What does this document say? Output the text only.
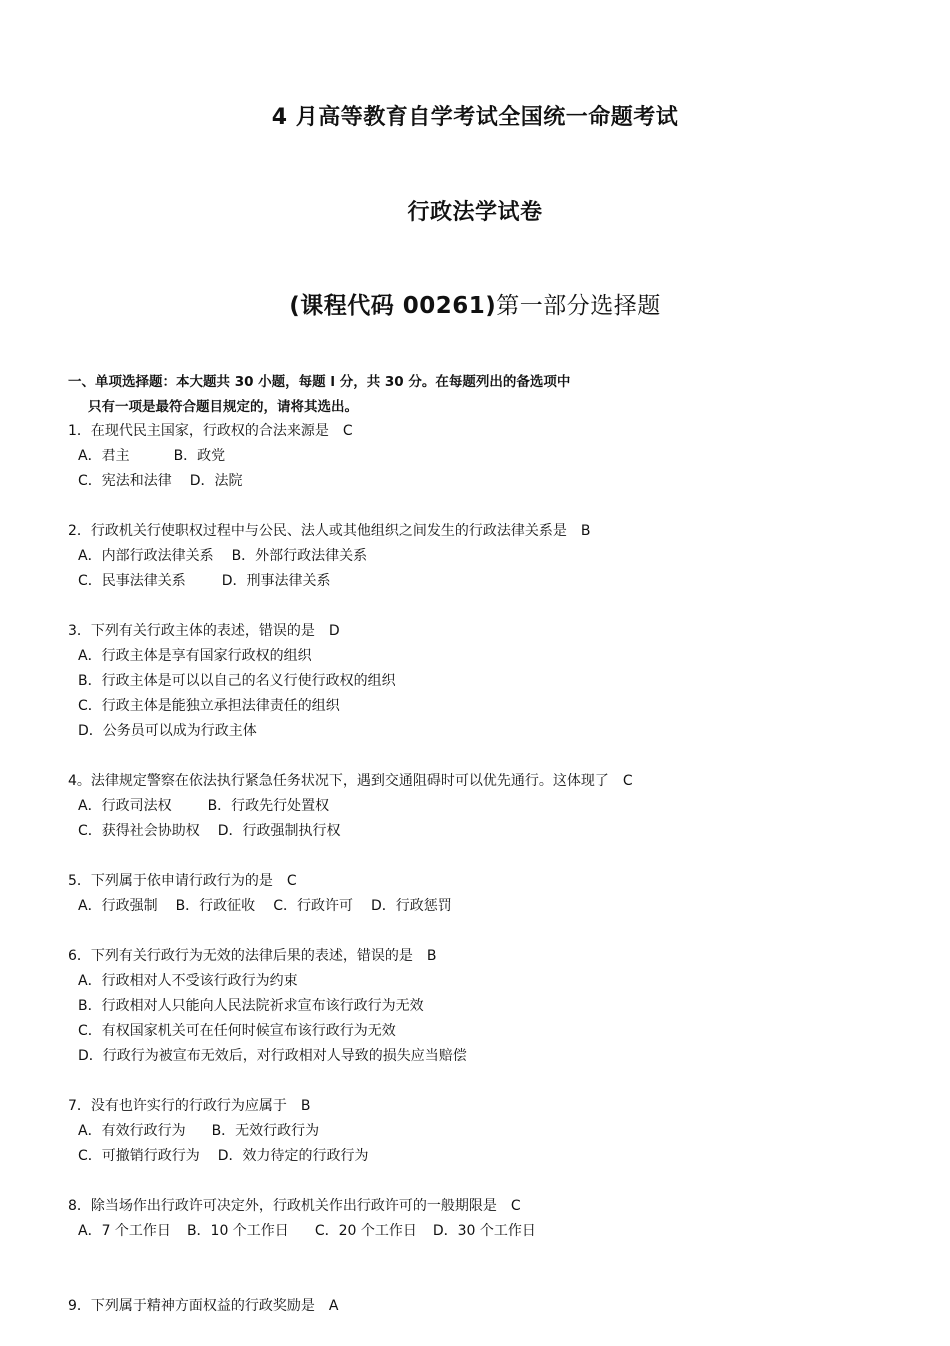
4 月高等教育自学考试全国统一命题考试
行政法学试卷
(课程代码 00261)第一部分选择题
一、单项选择题：本大题共 30 小题，每题 l 分，共 30 分。在每题列出的备选项中
只有一项是最符合题目规定的，请将其选出。
1．在现代民主国家，行政权的合法来源是 C
A．君主	B．政党
C．宪法和法律 D．法院
2．行政机关行使职权过程中与公民、法人或其他组织之间发生的行政法律关系是 B
A．内部行政法律关系 B．外部行政法律关系
C．民事法律关系	D．刑事法律关系
3．下列有关行政主体的表述，错误的是 D
A．行政主体是享有国家行政权的组织
B．行政主体是可以以自己的名义行使行政权的组织
C．行政主体是能独立承担法律责任的组织
D．公务员可以成为行政主体
4。法律规定警察在依法执行紧急任务状况下，遇到交通阻碍时可以优先通行。这体现了 C
A．行政司法权	B．行政先行处置权
C．获得社会协助权 D．行政强制执行权
5．下列属于依申请行政行为的是 C
A．行政强制 B．行政征收 C．行政许可 D．行政惩罚
6．下列有关行政行为无效的法律后果的表述，错误的是 B
A．行政相对人不受该行政行为约束
B．行政相对人只能向人民法院祈求宣布该行政行为无效
C．有权国家机关可在任何时候宣布该行政行为无效
D．行政行为被宣布无效后，对行政相对人导致的损失应当赔偿
7．没有也许实行的行政行为应属于 B
A．有效行政行为 B．无效行政行为
C．可撤销行政行为 D．效力待定的行政行为
8．除当场作出行政许可决定外，行政机关作出行政许可的一般期限是 C
A．7 个工作日 B．10 个工作日 C．20 个工作日 D．30 个工作日
9．下列属于精神方面权益的行政奖励是 A
